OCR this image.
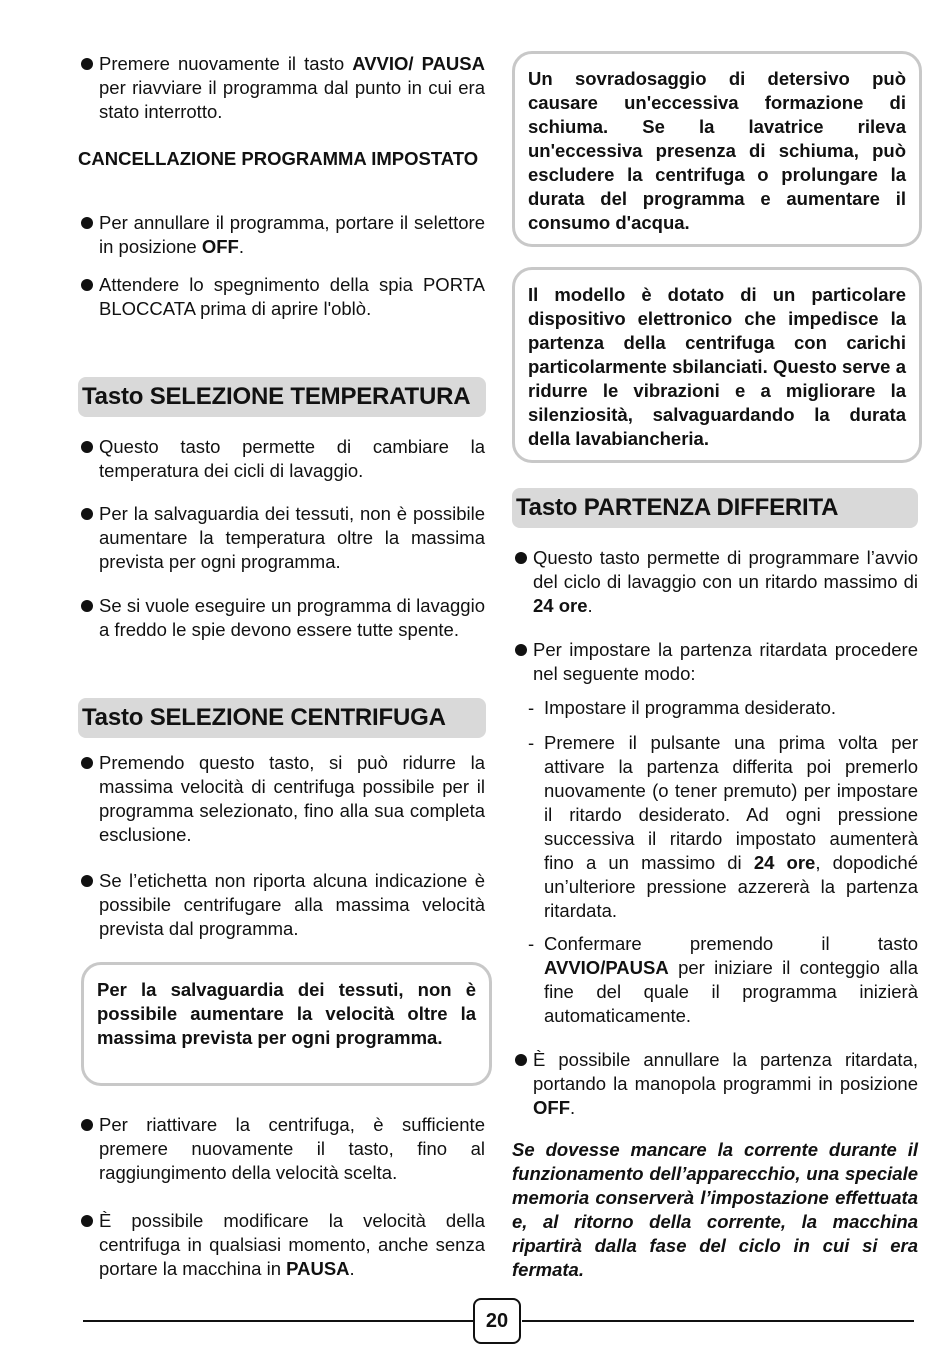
Premere nuovamente il tasto AVVIO/ PAUSA per riavviare il programma dal punto in cui era stato interrotto.
CANCELLAZIONE PROGRAMMA IMPOSTATO
Per annullare il programma, portare il selettore in posizione OFF.
Attendere lo spegnimento della spia PORTA BLOCCATA prima di aprire l'oblò.
Tasto SELEZIONE TEMPERATURA
Questo tasto permette di cambiare la temperatura dei cicli di lavaggio.
Per la salvaguardia dei tessuti, non è possibile aumentare la temperatura oltre la massima prevista per ogni programma.
Se si vuole eseguire un programma di lavaggio a freddo le spie devono essere tutte spente.
Tasto SELEZIONE CENTRIFUGA
Premendo questo tasto, si può ridurre la massima velocità di centrifuga possibile per il programma selezionato, fino alla sua completa esclusione.
Se l’etichetta non riporta alcuna indicazione è possibile centrifugare alla massima velocità prevista dal programma.
Per la salvaguardia dei tessuti, non è possibile aumentare la velocità oltre la massima prevista per ogni programma.
Per riattivare la centrifuga, è sufficiente premere nuovamente il tasto, fino al raggiungimento della velocità scelta.
È possibile modificare la velocità della centrifuga in qualsiasi momento, anche senza portare la macchina in PAUSA.
Un sovradosaggio di detersivo può causare un'eccessiva formazione di schiuma. Se la lavatrice rileva un'eccessiva presenza di schiuma, può escludere la centrifuga o prolungare la durata del programma e aumentare il consumo d'acqua.
Il modello è dotato di un particolare dispositivo elettronico che impedisce la partenza della centrifuga con carichi particolarmente sbilanciati. Questo serve a ridurre le vibrazioni e a migliorare la silenziosità, salvaguardando la durata della lavabiancheria.
Tasto PARTENZA DIFFERITA
Questo tasto permette di programmare l’avvio del ciclo di lavaggio con un ritardo massimo di 24 ore.
Per impostare la partenza ritardata procedere nel seguente modo:
- Impostare il programma desiderato.
- Premere il pulsante una prima volta per attivare la partenza differita poi premerlo nuovamente (o tener premuto) per impostare il ritardo desiderato. Ad ogni pressione successiva il ritardo impostato aumenterà fino a un massimo di 24 ore, dopodiché un’ulteriore pressione azzererà la partenza ritardata.
- Confermare premendo il tasto AVVIO/PAUSA per iniziare il conteggio alla fine del quale il programma inizierà automaticamente.
È possibile annullare la partenza ritardata, portando la manopola programmi in posizione OFF.
Se dovesse mancare la corrente durante il funzionamento dell’apparecchio, una speciale memoria conserverà l’impostazione effettuata e, al ritorno della corrente, la macchina ripartirà dalla fase del ciclo in cui si era fermata.
20
